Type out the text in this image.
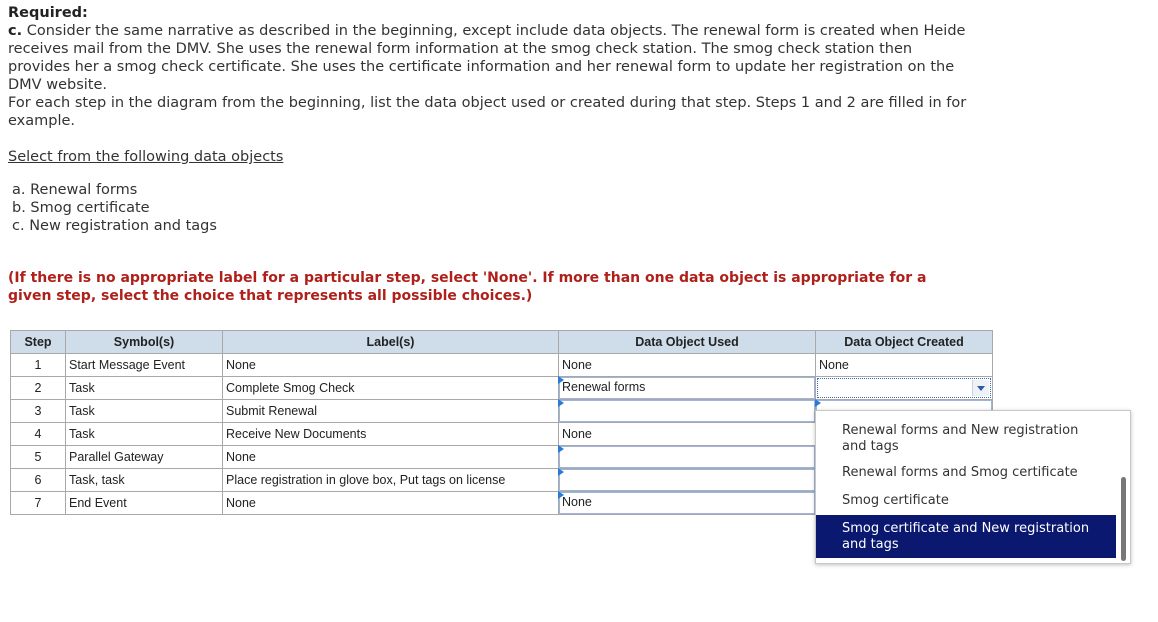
Required:
c. Consider the same narrative as described in the beginning, except include data objects. The renewal form is created when Heide receives mail from the DMV. She uses the renewal form information at the smog check station. The smog check station then provides her a smog check certificate. She uses the certificate information and her renewal form to update her registration on the DMV website.
For each step in the diagram from the beginning, list the data object used or created during that step. Steps 1 and 2 are filled in for example.
Select from the following data objects
a. Renewal forms
b. Smog certificate
c. New registration and tags
(If there is no appropriate label for a particular step, select 'None'. If more than one data object is appropriate for a given step, select the choice that represents all possible choices.)
Step	Symbol(s)	Label(s)	Data Object Used	Data Object Created
1	Start Message Event	None	None	None
2	Task	Complete Smog Check	Renewal forms	

3	Task	Submit Renewal	

4	Task	Receive New Documents	None	
5	Parallel Gateway	None	

6	Task, task	Place registration in glove box, Put tags on license	

7	End Event	None	None	

Renewal forms and New registration and tags
Renewal forms and Smog certificate
Smog certificate
Smog certificate and New registration and tags
